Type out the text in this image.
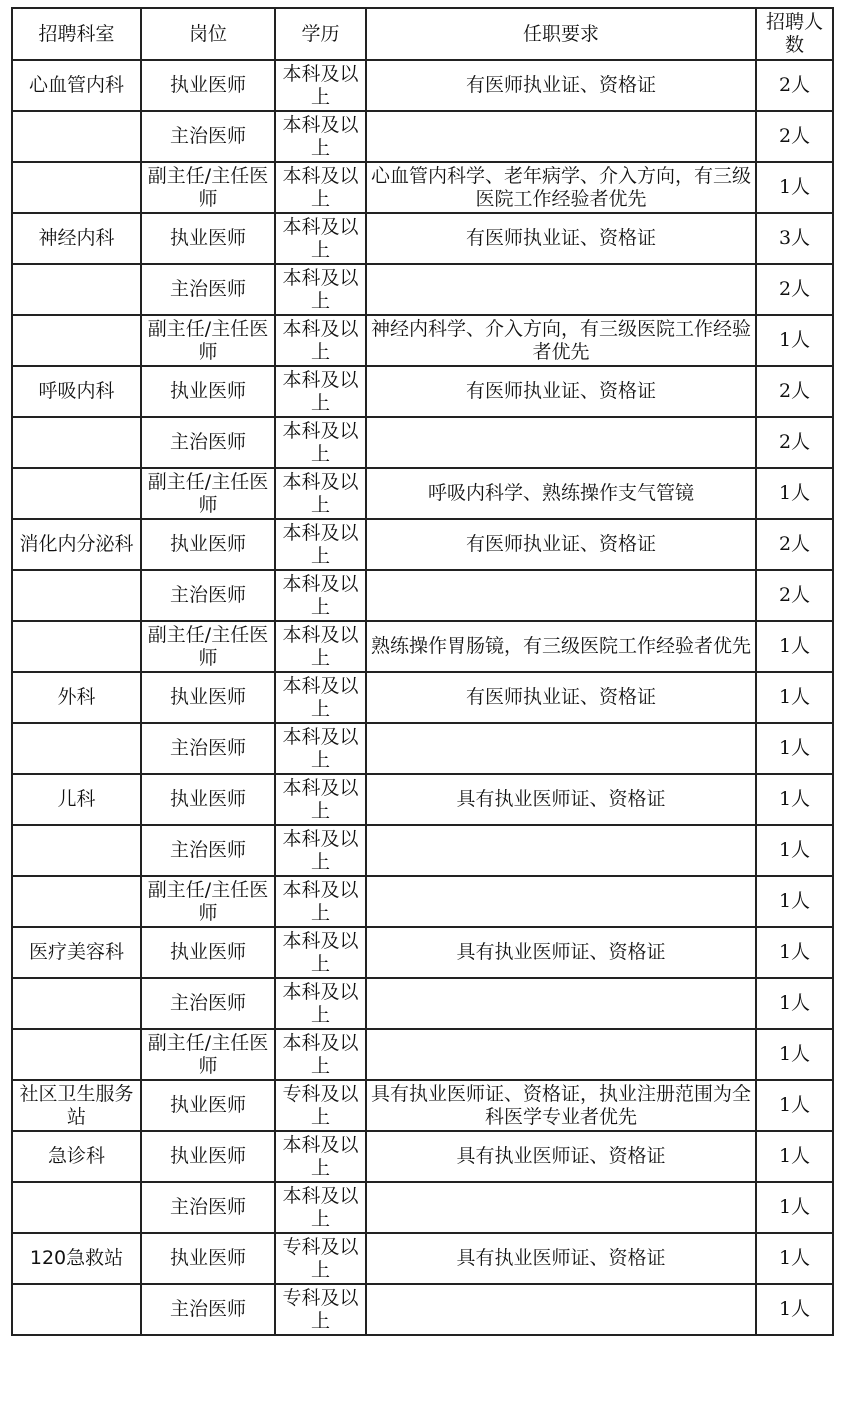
招聘科室	岗位	学历	任职要求	招聘人数
心血管内科	执业医师	本科及以上	有医师执业证、资格证	2人
	主治医师	本科及以上		2人
	副主任/主任医师	本科及以上	心血管内科学、老年病学、介入方向，有三级医院工作经验者优先	1人
神经内科	执业医师	本科及以上	有医师执业证、资格证	3人
	主治医师	本科及以上		2人
	副主任/主任医师	本科及以上	神经内科学、介入方向，有三级医院工作经验者优先	1人
呼吸内科	执业医师	本科及以上	有医师执业证、资格证	2人
	主治医师	本科及以上		2人
	副主任/主任医师	本科及以上	呼吸内科学、熟练操作支气管镜	1人
消化内分泌科	执业医师	本科及以上	有医师执业证、资格证	2人
	主治医师	本科及以上		2人
	副主任/主任医师	本科及以上	熟练操作胃肠镜，有三级医院工作经验者优先	1人
外科	执业医师	本科及以上	有医师执业证、资格证	1人
	主治医师	本科及以上		1人
儿科	执业医师	本科及以上	具有执业医师证、资格证	1人
	主治医师	本科及以上		1人
	副主任/主任医师	本科及以上		1人
医疗美容科	执业医师	本科及以上	具有执业医师证、资格证	1人
	主治医师	本科及以上		1人
	副主任/主任医师	本科及以上		1人
社区卫生服务站	执业医师	专科及以上	具有执业医师证、资格证，执业注册范围为全科医学专业者优先	1人
急诊科	执业医师	本科及以上	具有执业医师证、资格证	1人
	主治医师	本科及以上		1人
120急救站	执业医师	专科及以上	具有执业医师证、资格证	1人
	主治医师	专科及以上		1人
